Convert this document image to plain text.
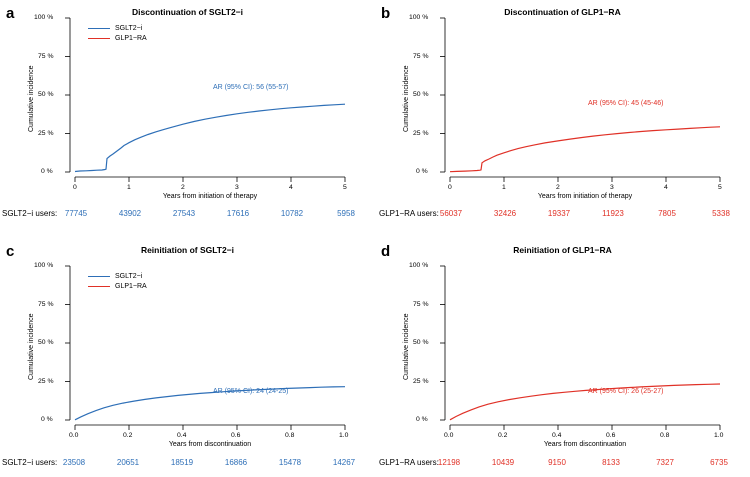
a	Discontinuation of SGLT2−i
0 %
25 %
50 %
75 %
100 %
0	1	2	3	4	5
Cumulative incidence
Years from initiation of therapy
SGLT2−i
GLP1−RA
AR (95% CI): 56 (55-57)
SGLT2−i users: 77745	43902	27543	17616	10782	5958
b	Discontinuation of GLP1−RA
0 %
25 %
50 %
75 %
100 %
0	1	2	3	4	5
Cumulative incidence
Years from initiation of therapy
AR (95% CI): 45 (45-46)
GLP1−RA users: 56037	32426	19337	11923	7805	5338
c	Reinitiation of SGLT2−i
0 %
25 %
50 %
75 %
100 %
0.0	0.2	0.4	0.6	0.8	1.0
Cumulative incidence
Years from discontinuation
SGLT2−i
GLP1−RA
AR (95% CI): 24 (24-25)
SGLT2−i users: 23508	20651	18519	16866	15478	14267
d	Reinitiation of GLP1−RA
0 %
25 %
50 %
75 %
100 %
0.0	0.2	0.4	0.6	0.8	1.0
Cumulative incidence
Years from discontinuation
AR (95% CI): 26 (25-27)
GLP1−RA users: 12198	10439	9150	8133	7327	6735
